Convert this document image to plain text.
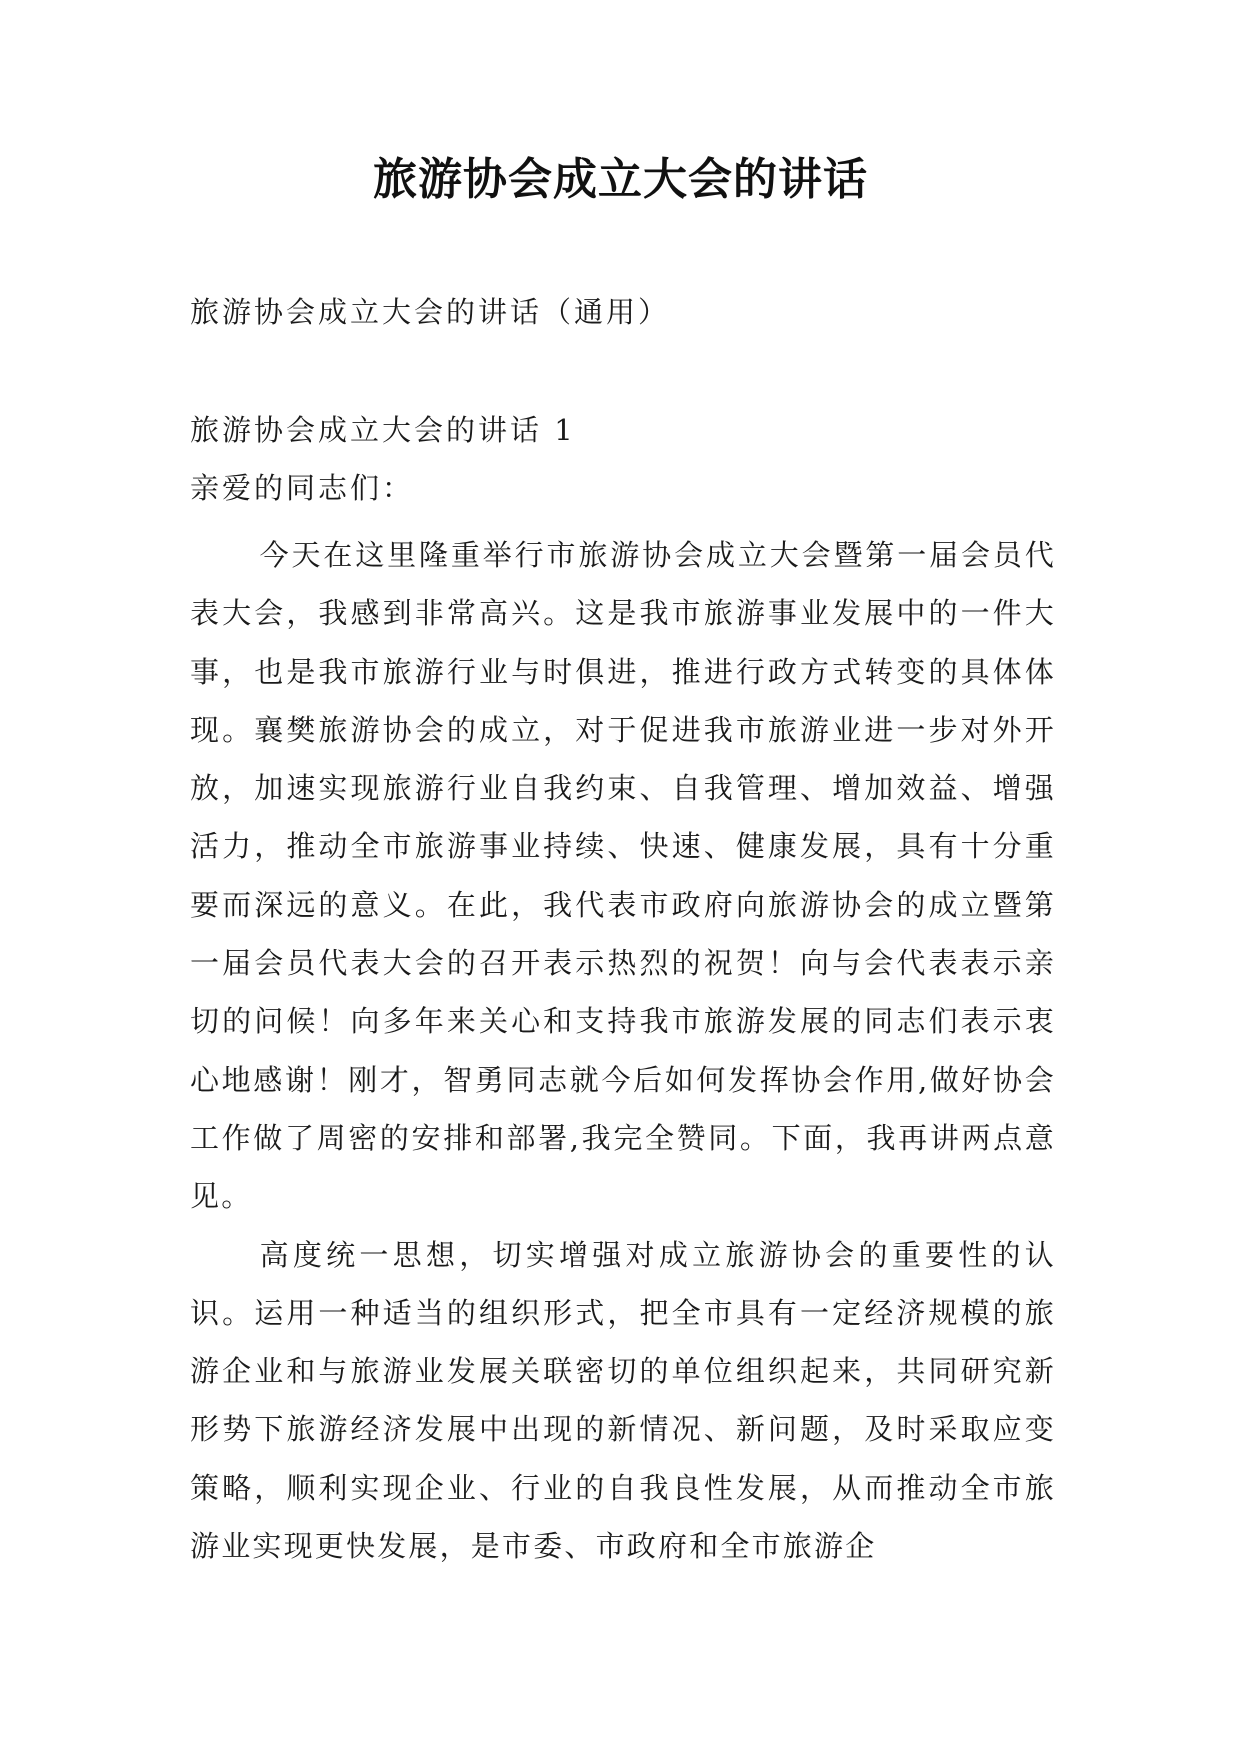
旅游协会成立大会的讲话

旅游协会成立大会的讲话（通用）

旅游协会成立大会的讲话 1

亲爱的同志们：

今天在这里隆重举行市旅游协会成立大会暨第一届会员代表大会，我感到非常高兴。这是我市旅游事业发展中的一件大事，也是我市旅游行业与时俱进，推进行政方式转变的具体体现。襄樊旅游协会的成立，对于促进我市旅游业进一步对外开放，加速实现旅游行业自我约束、自我管理、增加效益、增强活力，推动全市旅游事业持续、快速、健康发展，具有十分重要而深远的意义。在此，我代表市政府向旅游协会的成立暨第一届会员代表大会的召开表示热烈的祝贺！向与会代表表示亲切的问候！向多年来关心和支持我市旅游发展的同志们表示衷心地感谢！刚才，智勇同志就今后如何发挥协会作用,做好协会工作做了周密的安排和部署,我完全赞同。下面，我再讲两点意见。

高度统一思想，切实增强对成立旅游协会的重要性的认识。运用一种适当的组织形式，把全市具有一定经济规模的旅游企业和与旅游业发展关联密切的单位组织起来，共同研究新形势下旅游经济发展中出现的新情况、新问题，及时采取应变策略，顺利实现企业、行业的自我良性发展，从而推动全市旅游业实现更快发展，是市委、市政府和全市旅游企
